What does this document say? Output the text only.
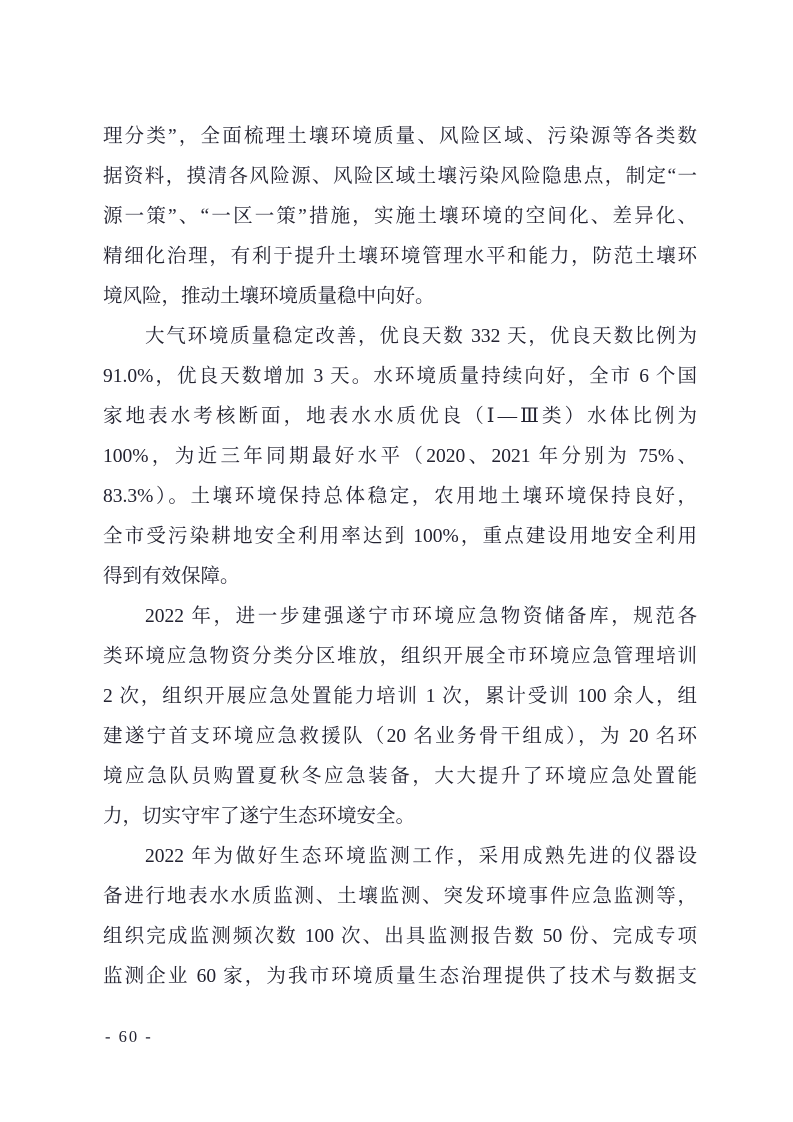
理分类”，全面梳理土壤环境质量、风险区域、污染源等各类数
据资料，摸清各风险源、风险区域土壤污染风险隐患点，制定“一
源一策”、“一区一策”措施，实施土壤环境的空间化、差异化、
精细化治理，有利于提升土壤环境管理水平和能力，防范土壤环
境风险，推动土壤环境质量稳中向好。
大气环境质量稳定改善，优良天数 332 天，优良天数比例为
91.0%，优良天数增加 3 天。水环境质量持续向好，全市 6 个国
家地表水考核断面，地表水水质优良（Ⅰ—Ⅲ类）水体比例为
100%，为近三年同期最好水平（2020、2021 年分别为 75%、
83.3%）。土壤环境保持总体稳定，农用地土壤环境保持良好，
全市受污染耕地安全利用率达到 100%，重点建设用地安全利用
得到有效保障。
2022 年，进一步建强遂宁市环境应急物资储备库，规范各
类环境应急物资分类分区堆放，组织开展全市环境应急管理培训
2 次，组织开展应急处置能力培训 1 次，累计受训 100 余人，组
建遂宁首支环境应急救援队（20 名业务骨干组成），为 20 名环
境应急队员购置夏秋冬应急装备，大大提升了环境应急处置能
力，切实守牢了遂宁生态环境安全。
2022 年为做好生态环境监测工作，采用成熟先进的仪器设
备进行地表水水质监测、土壤监测、突发环境事件应急监测等，
组织完成监测频次数 100 次、出具监测报告数 50 份、完成专项
监测企业 60 家，为我市环境质量生态治理提供了技术与数据支
- 60 -
